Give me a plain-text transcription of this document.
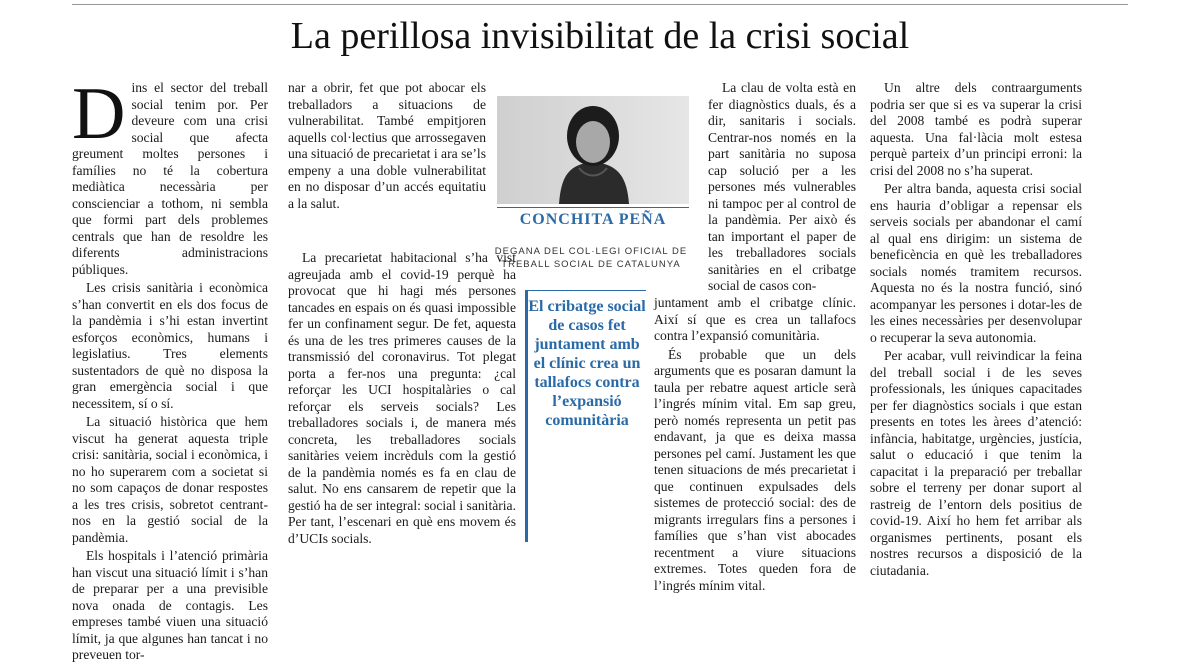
La perillosa invisibilitat de la crisi social

Dins el sector del treball social tenim por. Per deveure com una crisi social que afecta greument moltes persones i famílies no té la cobertura mediàtica necessària per conscienciar a tothom, ni sembla que formi part dels problemes centrals que han de resoldre les diferents administracions públiques.

Les crisis sanitària i econòmica s’han convertit en els dos focus de la pandèmia i s’hi estan invertint esforços econòmics, humans i legislatius. Tres elements sustentadors de què no disposa la gran emergència social i que necessitem, sí o sí.

La situació històrica que hem viscut ha generat aquesta triple crisi: sanitària, social i econòmica, i no ho superarem com a societat si no som capaços de donar respostes a les tres crisis, sobretot centrant-nos en la gestió social de la pandèmia.

Els hospitals i l’atenció primària han viscut una situació límit i s’han de preparar per a una previsible nova onada de contagis. Les empreses també viuen una situació límit, ja que algunes han tancat i no preveuen tor-

nar a obrir, fet que pot abocar els treballadors a situacions de vulnerabilitat. També empitjoren aquells col·lectius que arrossegaven una situació de precarietat i ara se’ls empeny a una doble vulnerabilitat en no disposar d’un accés equitatiu a la salut.

La precarietat habitacional s’ha vist agreujada amb el covid-19 perquè ha provocat que hi hagi més persones tancades en espais on és quasi impossible fer un confinament segur. De fet, aquesta és una de les tres primeres causes de la transmissió del coronavirus. Tot plegat porta a fer-nos una pregunta: ¿cal reforçar les UCI hospitalàries o cal reforçar els serveis socials? Les treballadores socials i, de manera més concreta, les treballadores socials sanitàries veiem incrèduls com la gestió de la pandèmia només es fa en clau de salut. No ens cansarem de repetir que la gestió ha de ser integral: social i sanitària. Per tant, l’escenari en què ens movem és d’UCIs socials.

CONCHITA PEÑA
DEGANA DEL COL·LEGI OFICIAL DE
TREBALL SOCIAL DE CATALUNYA
El cribatge social de casos fet juntament amb el clínic crea un tallafocs contra l’expansió comunitària

La clau de volta està en fer diagnòstics duals, és a dir, sanitaris i socials. Centrar-nos només en la part sanitària no suposa cap solució per a les persones més vulnerables ni tampoc per al control de la pandèmia. Per això és tan important el paper de les treballadores socials sanitàries en el cribatge social de casos con-

juntament amb el cribatge clínic. Així sí que es crea un tallafocs contra l’expansió comunitària.

És probable que un dels arguments que es posaran damunt la taula per rebatre aquest article serà l’ingrés mínim vital. Em sap greu, però només representa un petit pas endavant, ja que es deixa massa persones pel camí. Justament les que tenen situacions de més precarietat i que continuen expulsades dels sistemes de protecció social: des de migrants irregulars fins a persones i famílies que s’han vist abocades recentment a viure situacions extremes. Totes queden fora de l’ingrés mínim vital.

Un altre dels contraarguments podria ser que si es va superar la crisi del 2008 també es podrà superar aquesta. Una fal·làcia molt estesa perquè parteix d’un principi erroni: la crisi del 2008 no s’ha superat.

Per altra banda, aquesta crisi social ens hauria d’obligar a repensar els serveis socials per abandonar el camí al qual ens dirigim: un sistema de beneficència en què les treballadores socials només tramitem recursos. Aquesta no és la nostra funció, sinó acompanyar les persones i dotar-les de les eines necessàries per desenvolupar o recuperar la seva autonomia.

Per acabar, vull reivindicar la feina del treball social i de les seves professionals, les úniques capacitades per fer diagnòstics socials i que estan presents en totes les àrees d’atenció: infància, habitatge, urgències, justícia, salut o educació i que tenim la capacitat i la preparació per treballar sobre el terreny per donar suport al rastreig de l’entorn dels positius de covid-19. Així ho hem fet arribar als organismes pertinents, posant els nostres recursos a disposició de la ciutadania.
